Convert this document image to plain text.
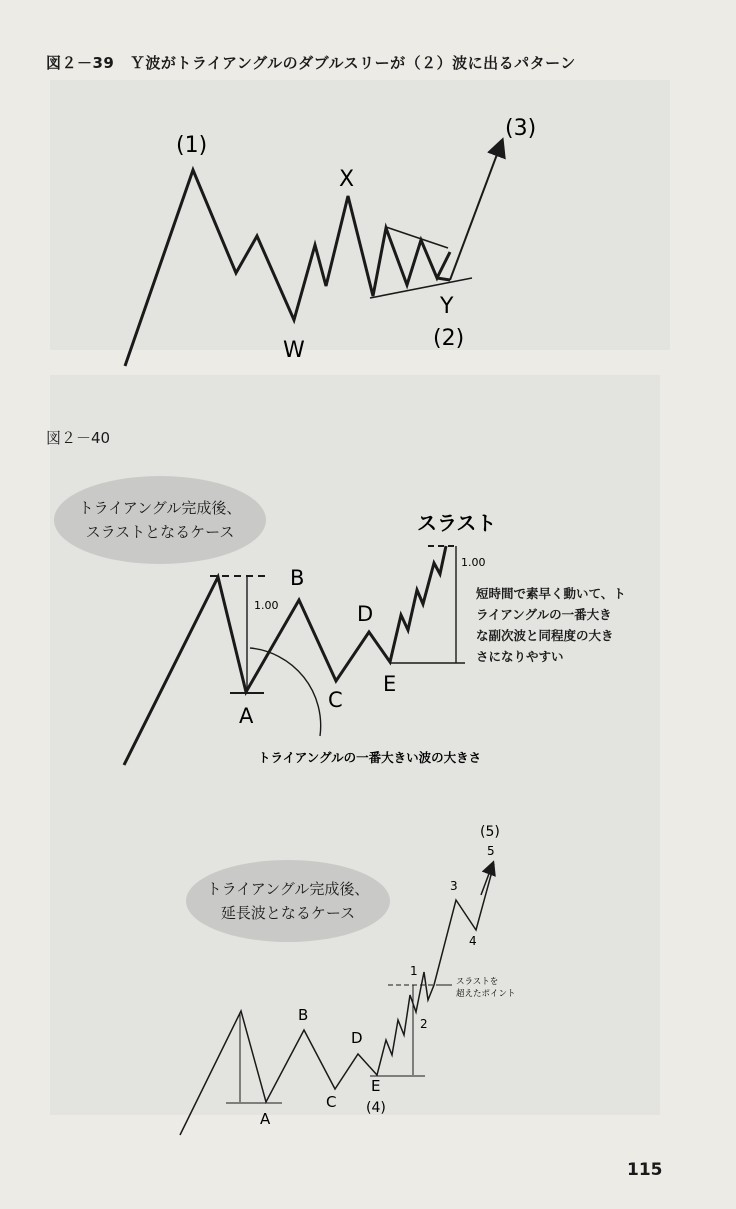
図２－39　Ｙ波がトライアングルのダブルスリーが（２）波に出るパターン
図２－40
トライアングル完成後、
スラストとなるケース
トライアングル完成後、
延長波となるケース
短時間で素早く動いて、ト
ライアングルの一番大き
な副次波と同程度の大き
さになりやすい
(1)
(3)
X
W
Y
(2)
1.00
1.00
スラスト
A
B
C
D
E
トライアングルの一番大きい波の大きさ
(5)
5
3
4
1
2
A
B
C
D
E
(4)
スラストを
超えたポイント
115
